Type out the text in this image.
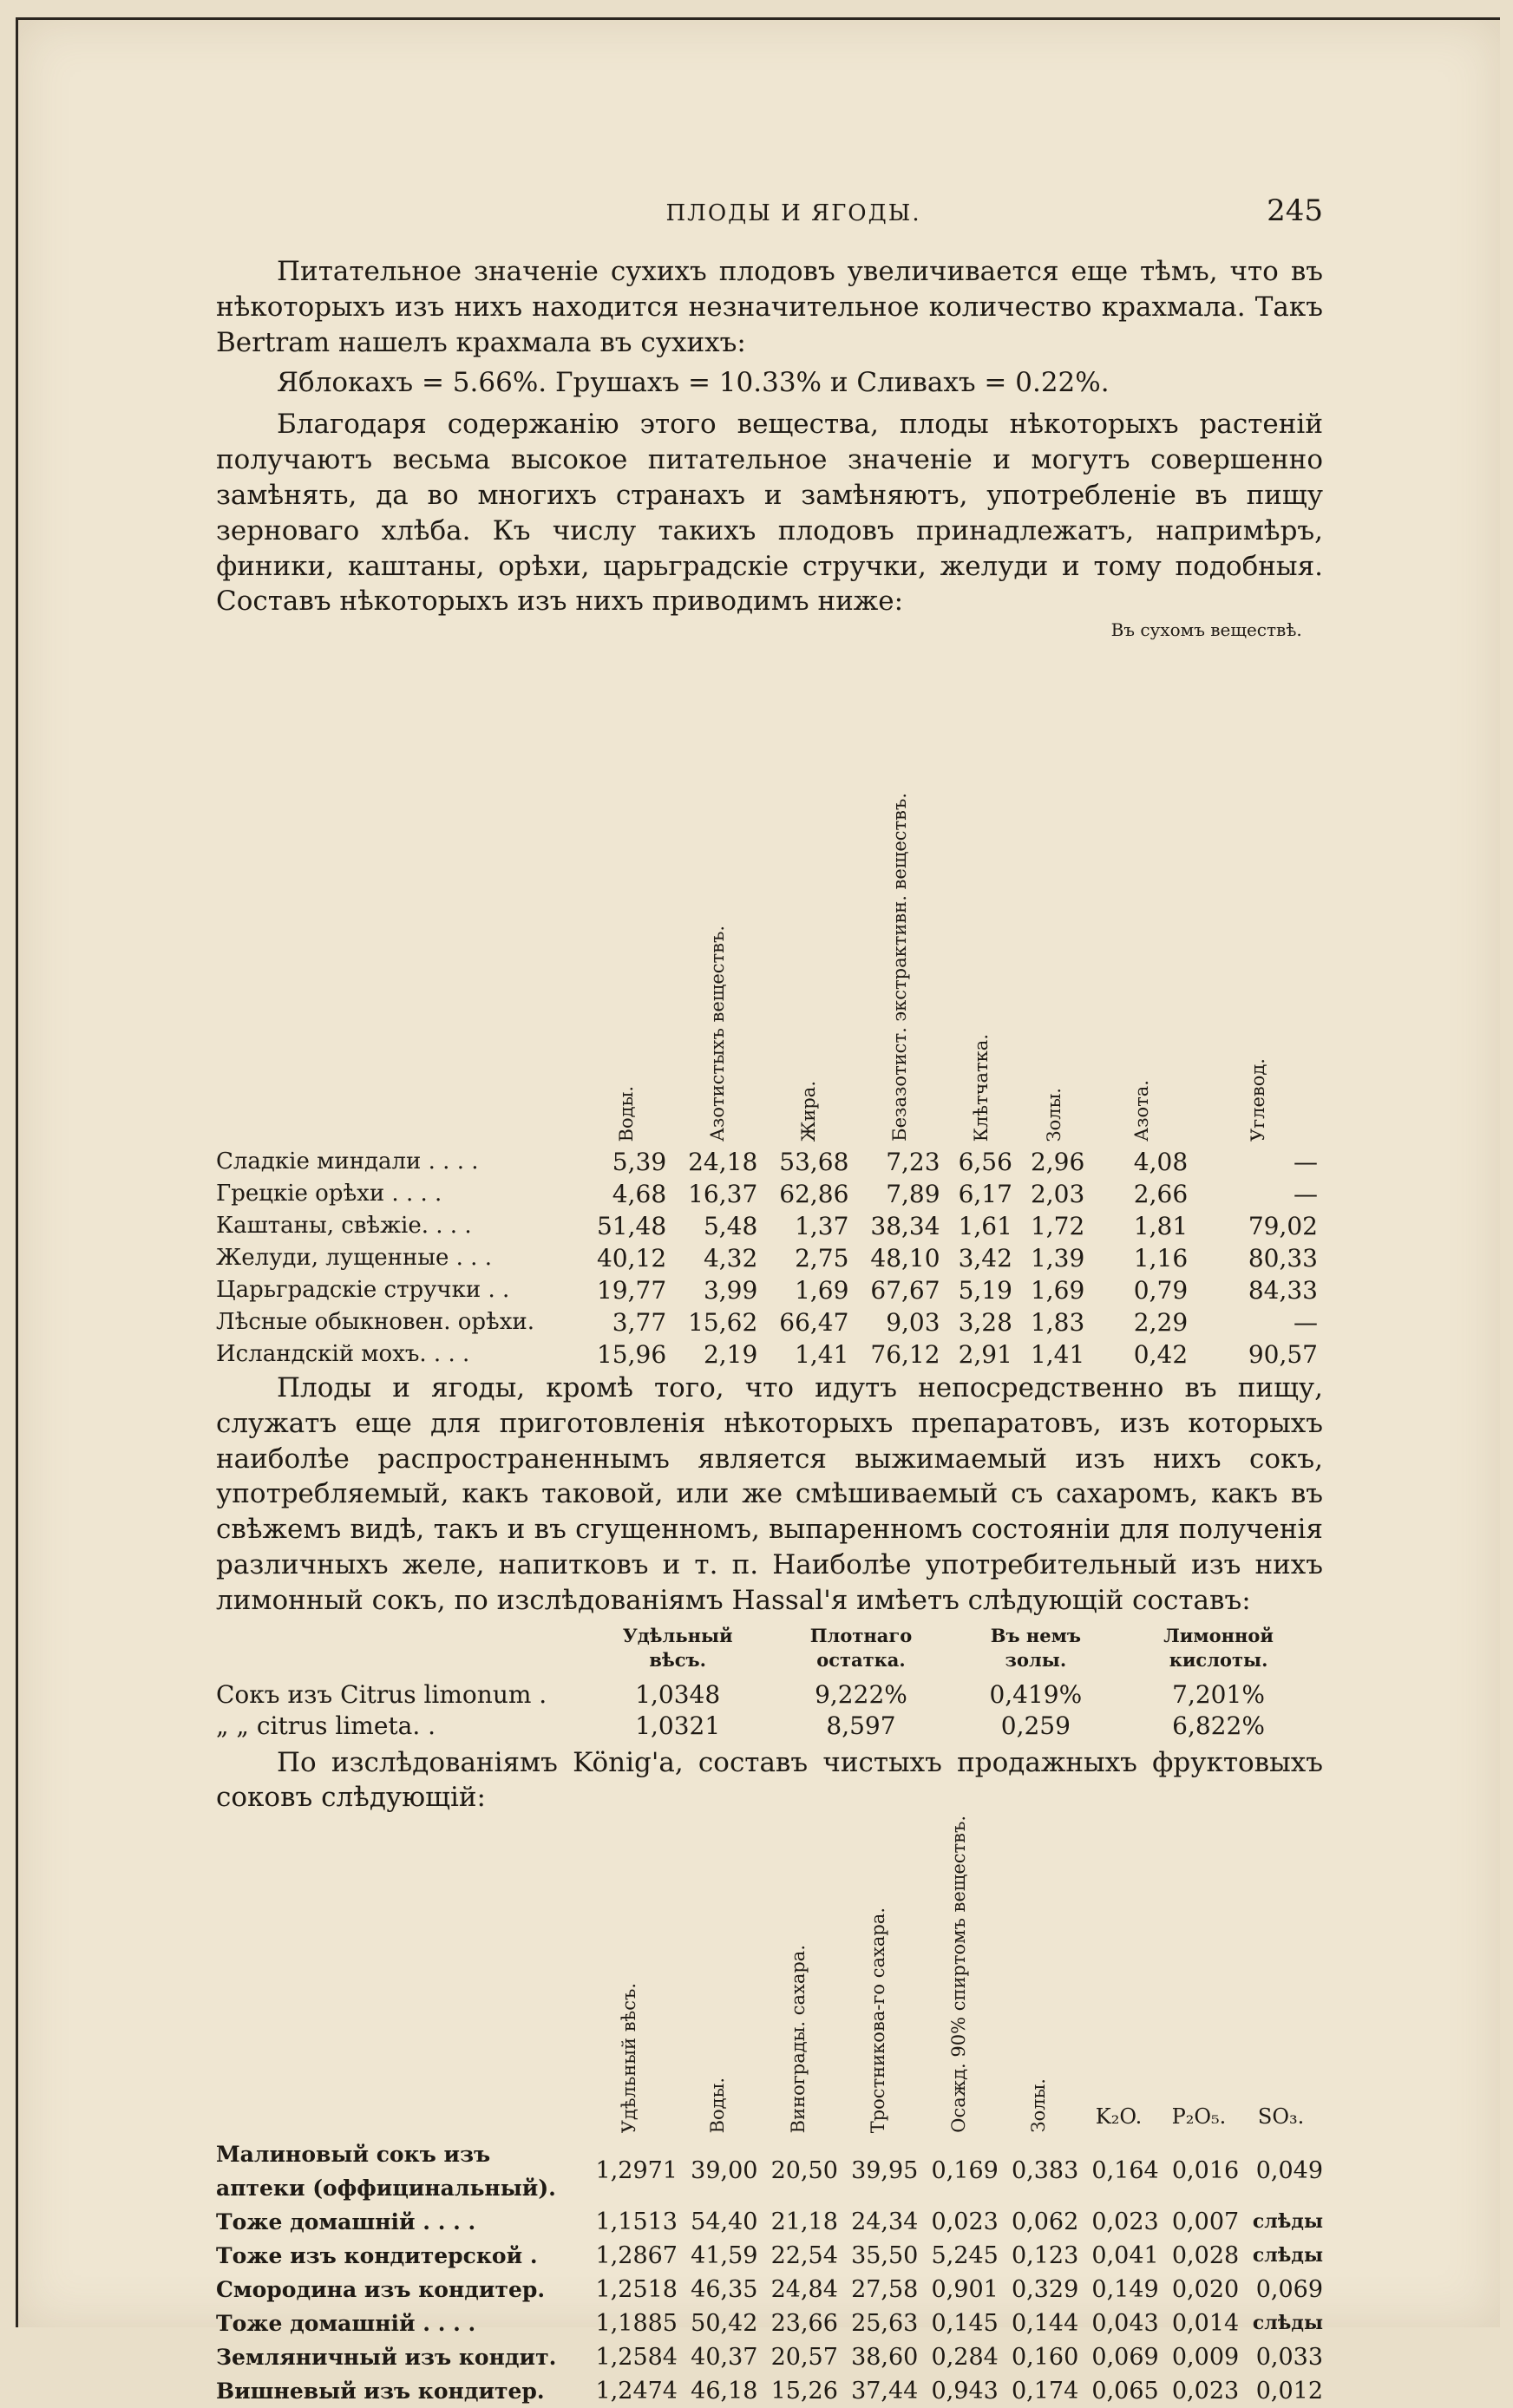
ПЛОДЫ И ЯГОДЫ.	245

Питательное значеніе сухихъ плодовъ увеличивается еще тѣмъ, что въ нѣкоторыхъ изъ нихъ находится незначительное количество крахмала. Такъ Bertram нашелъ крахмала въ сухихъ:

Яблокахъ = 5.66%. Грушахъ = 10.33% и Сливахъ = 0.22%.

Благодаря содержанію этого вещества, плоды нѣкоторыхъ растеній получаютъ весьма высокое питательное значеніе и могутъ совершенно замѣнять, да во многихъ странахъ и замѣняютъ, употребленіе въ пищу зерноваго хлѣба. Къ числу такихъ плодовъ принадлежатъ, напримѣръ, финики, каштаны, орѣхи, царьградскіе стручки, желуди и тому подобныя. Составъ нѣкоторыхъ изъ нихъ приводимъ ниже:

							Въ сухомъ веществѣ.	
	Воды.	Азотистыхъ веществъ.	Жира.	Безазотист. экстрактивн. веществъ.	Клѣтчатка.	Золы.	Азота.	Углевод.
Сладкіе миндали . . . .	5,39	24,18	53,68	7,23	6,56	2,96	4,08	—
Грецкіе орѣхи . . . .	4,68	16,37	62,86	7,89	6,17	2,03	2,66	—
Каштаны, свѣжіе. . . .	51,48	5,48	1,37	38,34	1,61	1,72	1,81	79,02
Желуди, лущенные . . .	40,12	4,32	2,75	48,10	3,42	1,39	1,16	80,33
Царьградскіе стручки . .	19,77	3,99	1,69	67,67	5,19	1,69	0,79	84,33
Лѣсные обыкновен. орѣхи.	3,77	15,62	66,47	9,03	3,28	1,83	2,29	—
Исландскій мохъ. . . .	15,96	2,19	1,41	76,12	2,91	1,41	0,42	90,57

Плоды и ягоды, кромѣ того, что идутъ непосредственно въ пищу, служатъ еще для приготовленія нѣкоторыхъ препаратовъ, изъ которыхъ наиболѣе распространеннымъ является выжимаемый изъ нихъ сокъ, употребляемый, какъ таковой, или же смѣшиваемый съ сахаромъ, какъ въ свѣжемъ видѣ, такъ и въ сгущенномъ, выпаренномъ состояніи для полученія различныхъ желе, напитковъ и т. п. Наиболѣе употребительный изъ нихъ лимонный сокъ, по изслѣдованіямъ Hassal'я имѣетъ слѣдующій составъ:

	Удѣльный вѣсъ.	Плотнаго остатка.	Въ немъ золы.	Лимонной кислоты.
Сокъ изъ Citrus limonum .	1,0348	9,222%	0,419%	7,201%
„ „ citrus limeta. .	1,0321	8,597	0,259	6,822%

По изслѣдованіямъ König'а, составъ чистыхъ продажныхъ фруктовыхъ соковъ слѣдующій:

	Удѣльный вѣсъ.	Воды.	Винограды. сахара.	Тростникова-го сахара.	Осажд. 90% спиртомъ веществъ.	Золы.	K₂O.	P₂O₅.	SO₃.
Малиновый сокъ изъ аптеки (оффицинальный).	1,2971	39,00	20,50	39,95	0,169	0,383	0,164	0,016	0,049
Тоже домашній . . . .	1,1513	54,40	21,18	24,34	0,023	0,062	0,023	0,007	слѣды
Тоже изъ кондитерской .	1,2867	41,59	22,54	35,50	5,245	0,123	0,041	0,028	слѣды
Смородина изъ кондитер.	1,2518	46,35	24,84	27,58	0,901	0,329	0,149	0,020	0,069
Тоже домашній . . . .	1,1885	50,42	23,66	25,63	0,145	0,144	0,043	0,014	слѣды
Земляничный изъ кондит.	1,2584	40,37	20,57	38,60	0,284	0,160	0,069	0,009	0,033
Вишневый изъ кондитер.	1,2474	46,18	15,26	37,44	0,943	0,174	0,065	0,023	0,012
